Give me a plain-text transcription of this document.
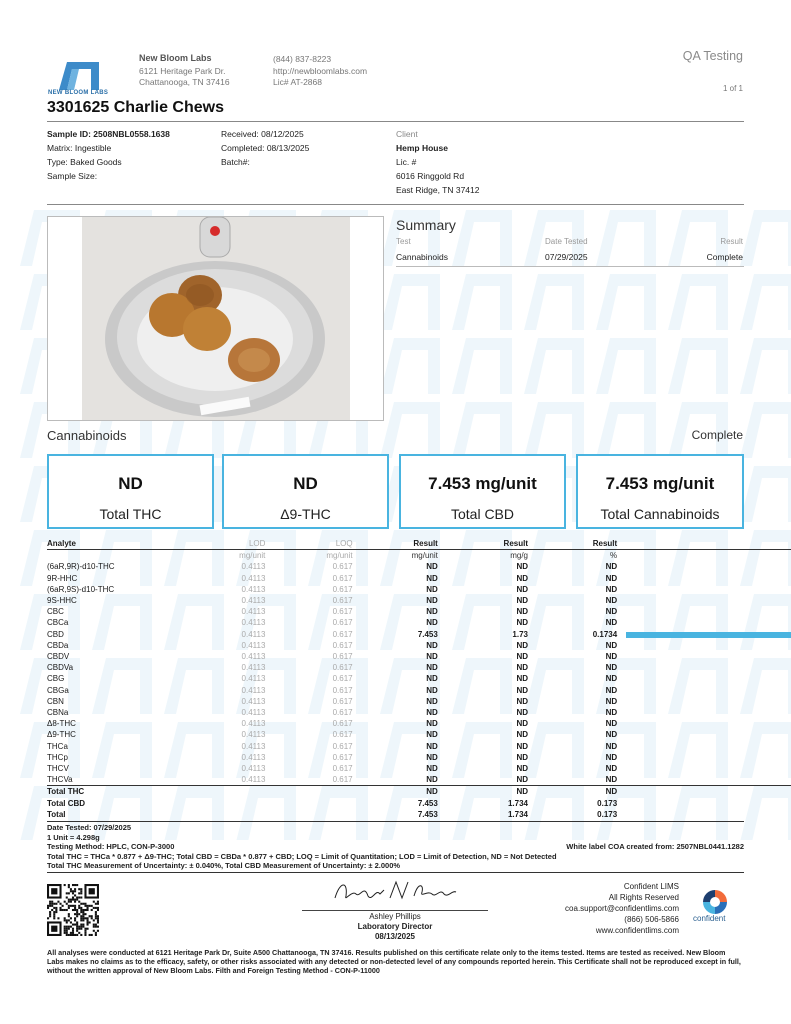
NEW BLOOM LABS
New Bloom Labs
6121 Heritage Park Dr.
Chattanooga, TN 37416
(844) 837-8223
http://newbloomlabs.com
Lic# AT-2868
QA Testing
1 of 1
3301625 Charlie Chews
Sample ID: 2508NBL0558.1638
Matrix: Ingestible
Type: Baked Goods
Sample Size:
Received: 08/12/2025
Completed: 08/13/2025
Batch#:
Client
Hemp House
Lic. #
6016 Ringgold Rd
East Ridge, TN 37412
Summary
Test	Date Tested	Result
Cannabinoids	07/29/2025	Complete
Cannabinoids	Complete
ND
Total THC
ND
Δ9-THC
7.453 mg/unit
Total CBD
7.453 mg/unit
Total Cannabinoids
Analyte	LOD	LOQ	Result	Result	Result	
	mg/unit	mg/unit	mg/unit	mg/g	%	
(6aR,9R)-d10-THC	0.4113	0.617	ND	ND	ND	
9R-HHC	0.4113	0.617	ND	ND	ND	
(6aR,9S)-d10-THC	0.4113	0.617	ND	ND	ND	
9S-HHC	0.4113	0.617	ND	ND	ND	
CBC	0.4113	0.617	ND	ND	ND	
CBCa	0.4113	0.617	ND	ND	ND	
CBD	0.4113	0.617	7.453	1.73	0.1734	

CBDa	0.4113	0.617	ND	ND	ND	
CBDV	0.4113	0.617	ND	ND	ND	
CBDVa	0.4113	0.617	ND	ND	ND	
CBG	0.4113	0.617	ND	ND	ND	
CBGa	0.4113	0.617	ND	ND	ND	
CBN	0.4113	0.617	ND	ND	ND	
CBNa	0.4113	0.617	ND	ND	ND	
Δ8-THC	0.4113	0.617	ND	ND	ND	
Δ9-THC	0.4113	0.617	ND	ND	ND	
THCa	0.4113	0.617	ND	ND	ND	
THCp	0.4113	0.617	ND	ND	ND	
THCV	0.4113	0.617	ND	ND	ND	
THCVa	0.4113	0.617	ND	ND	ND	
Total THC			ND	ND	ND	
Total CBD			7.453	1.734	0.173	
Total			7.453	1.734	0.173	
Date Tested: 07/29/2025
1 Unit = 4.298g
Testing Method: HPLC, CON-P-3000
Total THC = THCa * 0.877 + Δ9-THC; Total CBD = CBDa * 0.877 + CBD; LOQ = Limit of Quantitation; LOD = Limit of Detection, ND = Not Detected
Total THC Measurement of Uncertainty: ± 0.040%, Total CBD Measurement of Uncertainty: ± 2.000%
White label COA created from: 2507NBL0441.1282
Ashley Phillips
Laboratory Director
08/13/2025
Confident LIMS
All Rights Reserved
coa.support@confidentlims.com
(866) 506-5866
www.confidentlims.com
confident
All analyses were conducted at 6121 Heritage Park Dr, Suite A500 Chattanooga, TN 37416. Results published on this certificate relate only to the items tested. Items are tested as received. New Bloom Labs makes no claims as to the efficacy, safety, or other risks associated with any detected or non-detected level of any compounds reported herein. This Certificate shall not be reproduced except in full, without the written approval of New Bloom Labs. Filth and Foreign Testing Method - CON-P-11000
